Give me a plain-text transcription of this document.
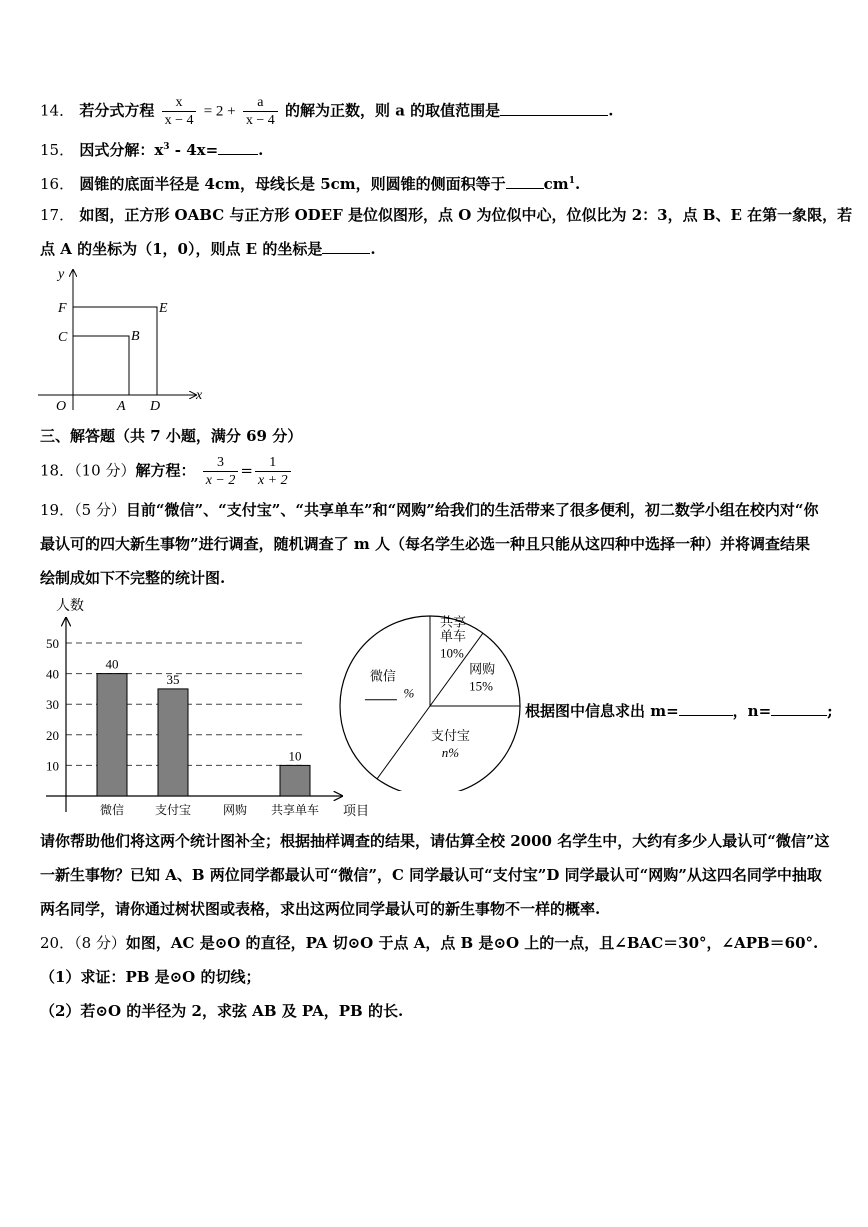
14． 若分式方程 $\frac{x}{x - 4} = 2 + \frac{a}{x - 4}$ 的解为正数，则 a 的取值范围是	.
15． 因式分解：$x^3 - 4x=$	.
16． 圆锥的底面半径是 4cm，母线长是 5cm，则圆锥的侧面积等于	$cm^1$.
17． 如图，正方形 OABC 与正方形 ODEF 是位似图形，点 O 为位似中心，位似比为 2：3，点 B、E 在第一象限，若
点 A 的坐标为（1，0），则点 E 的坐标是	.
y
x
F	E
C	B
O	A D
三、解答题（共 7 小题，满分 69 分）
18．（10 分）解方程： $\frac{3}{x - 2} = \frac{1}{x + 2}$
19．（5 分）目前“微信”、“支付宝”、“共享单车”和“网购”给我们的生活带来了很多便利，初二数学小组在校内对“你
最认可的四大新生事物”进行调查，随机调查了 m 人（每名学生必选一种且只能从这四种中选择一种）并将调查结果
绘制成如下不完整的统计图.
10
20
30
40
50
人数
项目
微信
40
支付宝
35
网购 共享单车
10
共享
单车
10%
网购
15%
支付宝
n%
微信
%
根据图中信息求出 m=	，n=	;
请你帮助他们将这两个统计图补全；根据抽样调查的结果，请估算全校 2000 名学生中，大约有多少人最认可“微信”这
一新生事物？已知 A、B 两位同学都最认可“微信”，C 同学最认可“支付宝”D 同学最认可“网购”从这四名同学中抽取
两名同学，请你通过树状图或表格，求出这两位同学最认可的新生事物不一样的概率.
20．（8 分）如图，AC 是⊙O 的直径，PA 切⊙O 于点 A，点 B 是⊙O 上的一点，且∠BAC＝30°，∠APB＝60°.
（1）求证：PB 是⊙O 的切线；
（2）若⊙O 的半径为 2，求弦 AB 及 PA，PB 的长.
